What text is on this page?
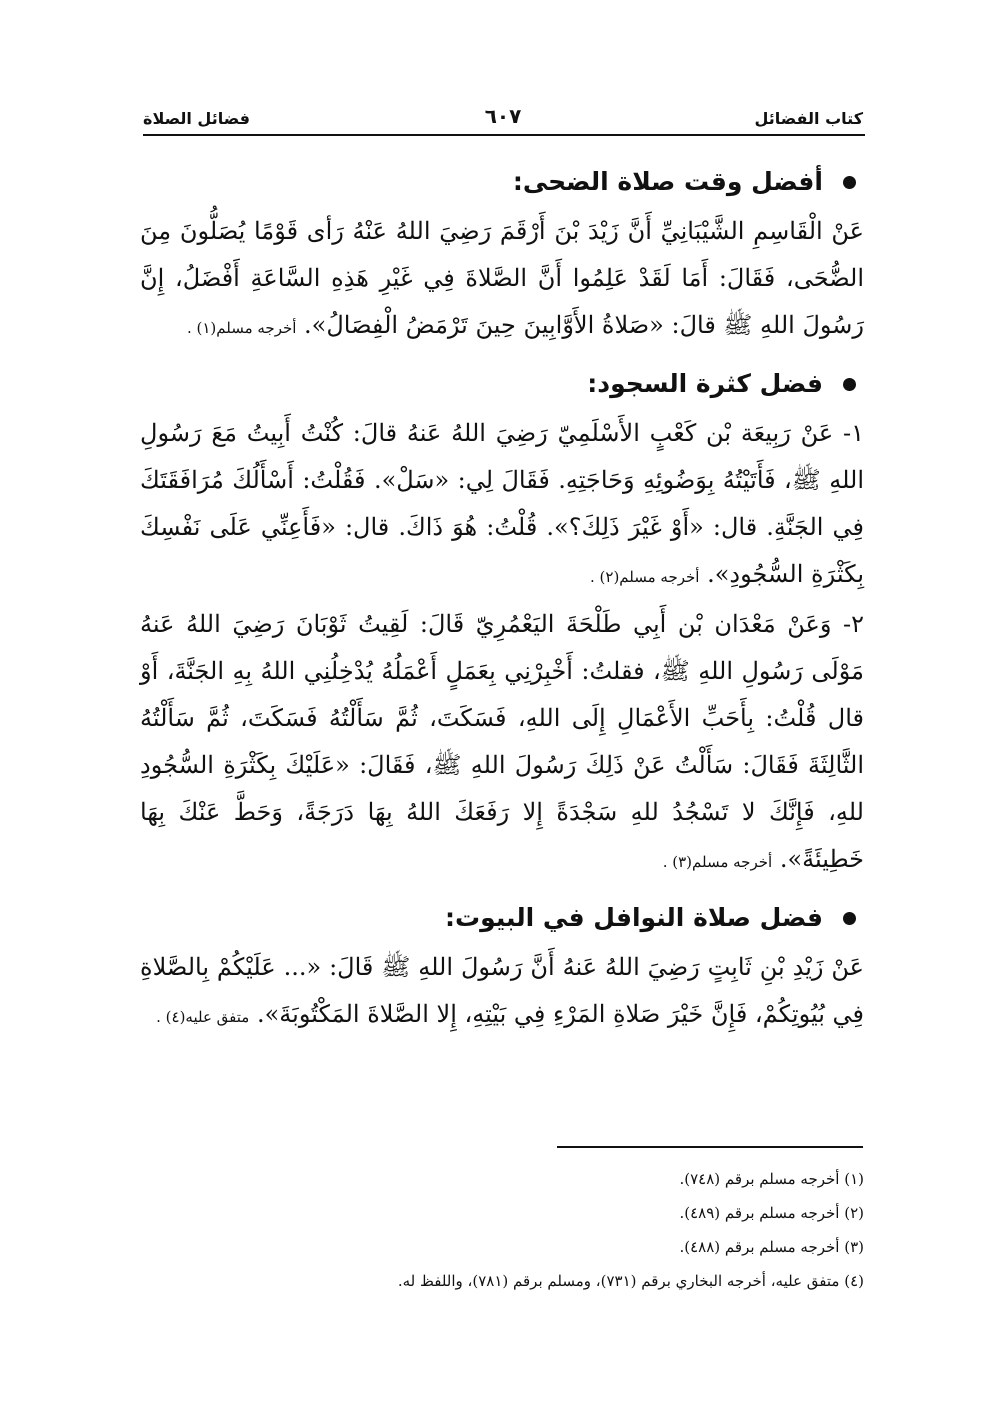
كتاب الفضائل
٦٠٧
فضائل الصلاة
أفضل وقت صلاة الضحى:

عَنْ الْقَاسِمِ الشَّيْبَانِيِّ أَنَّ زَيْدَ بْنَ أَرْقَمَ رَضِيَ اللهُ عَنْهُ رَأى قَوْمًا يُصَلُّونَ مِنَ الضُّحَى، فَقَالَ: أَمَا لَقَدْ عَلِمُوا أَنَّ الصَّلاةَ فِي غَيْرِ هَذِهِ السَّاعَةِ أَفْضَلُ، إِنَّ رَسُولَ اللهِ ﷺ قالَ: «صَلاةُ الأَوَّابِينَ حِينَ تَرْمَضُ الْفِصَالُ». أخرجه مسلم(١) .

فضل كثرة السجود:

١- عَنْ رَبِيعَة بْن كَعْبٍ الأَسْلَمِيّ رَضِيَ اللهُ عَنهُ قالَ: كُنْتُ أَبِيتُ مَعَ رَسُولِ اللهِ ﷺ، فَأَتَيْتُهُ بِوَضُوئِهِ وَحَاجَتِهِ. فَقَالَ لِي: «سَلْ». فَقُلْتُ: أَسْأَلُكَ مُرَافَقَتَكَ فِي الجَنَّةِ. قال: «أَوْ غَيْرَ ذَلِكَ؟». قُلْتُ: هُوَ ذَاكَ. قال: «فَأَعِنِّي عَلَى نَفْسِكَ بِكَثْرَةِ السُّجُودِ». أخرجه مسلم(٢) .

٢- وَعَنْ مَعْدَان بْن أَبِي طَلْحَةَ اليَعْمُرِيّ قَالَ: لَقِيتُ ثَوْبَانَ رَضِيَ اللهُ عَنهُ مَوْلَى رَسُولِ اللهِ ﷺ، فقلتُ: أَخْبِرْنِي بِعَمَلٍ أَعْمَلُهُ يُدْخِلُنِي اللهُ بِهِ الجَنَّةَ، أَوْ قال قُلْتُ: بِأَحَبِّ الأَعْمَالِ إِلَى اللهِ، فَسَكَتَ، ثُمَّ سَأَلْتُهُ فَسَكَتَ، ثُمَّ سَأَلْتُهُ الثَّالِثَةَ فَقَالَ: سَأَلْتُ عَنْ ذَلِكَ رَسُولَ اللهِ ﷺ، فَقَالَ: «عَلَيْكَ بِكَثْرَةِ السُّجُودِ للهِ، فَإِنَّكَ لا تَسْجُدُ للهِ سَجْدَةً إِلا رَفَعَكَ اللهُ بِهَا دَرَجَةً، وَحَطَّ عَنْكَ بِهَا خَطِيئَةً». أخرجه مسلم(٣) .

فضل صلاة النوافل في البيوت:

عَنْ زَيْدِ بْنِ ثَابِتٍ رَضِيَ اللهُ عَنهُ أَنَّ رَسُولَ اللهِ ﷺ قَالَ: «... عَلَيْكُمْ بِالصَّلاةِ فِي بُيُوتِكُمْ، فَإِنَّ خَيْرَ صَلاةِ المَرْءِ فِي بَيْتِهِ، إِلا الصَّلاةَ المَكْتُوبَةَ». متفق عليه(٤) .

(١) أخرجه مسلم برقم (٧٤٨).
(٢) أخرجه مسلم برقم (٤٨٩).
(٣) أخرجه مسلم برقم (٤٨٨).
(٤) متفق عليه، أخرجه البخاري برقم (٧٣١)، ومسلم برقم (٧٨١)، واللفظ له.
